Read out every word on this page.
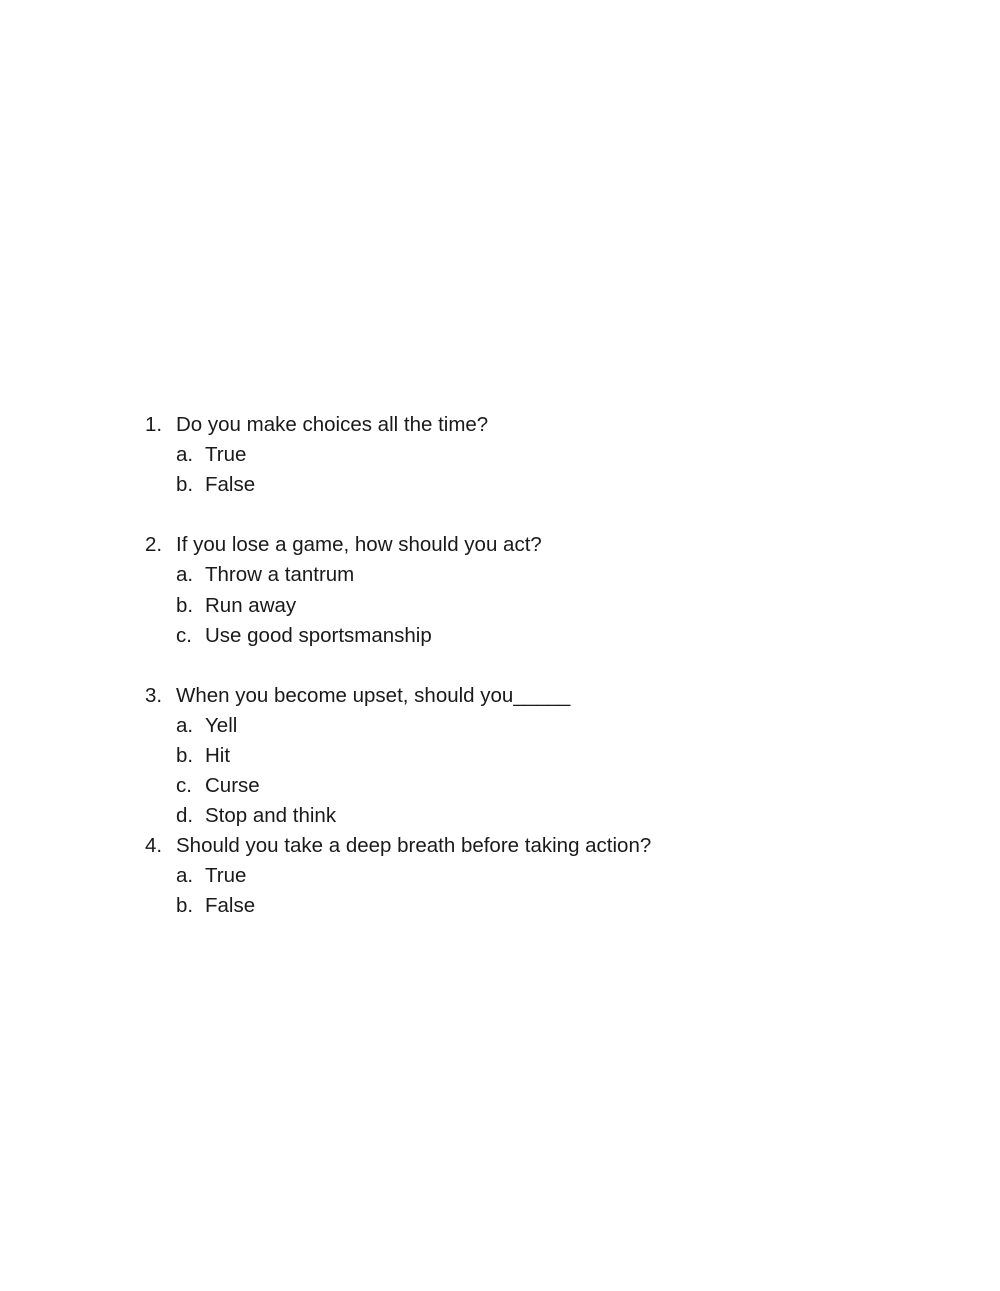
1. Do you make choices all the time?
a. True
b. False
2. If you lose a game, how should you act?
a. Throw a tantrum
b. Run away
c. Use good sportsmanship
3. When you become upset, should you_____
a. Yell
b. Hit
c. Curse
d. Stop and think
4. Should you take a deep breath before taking action?
a. True
b. False
